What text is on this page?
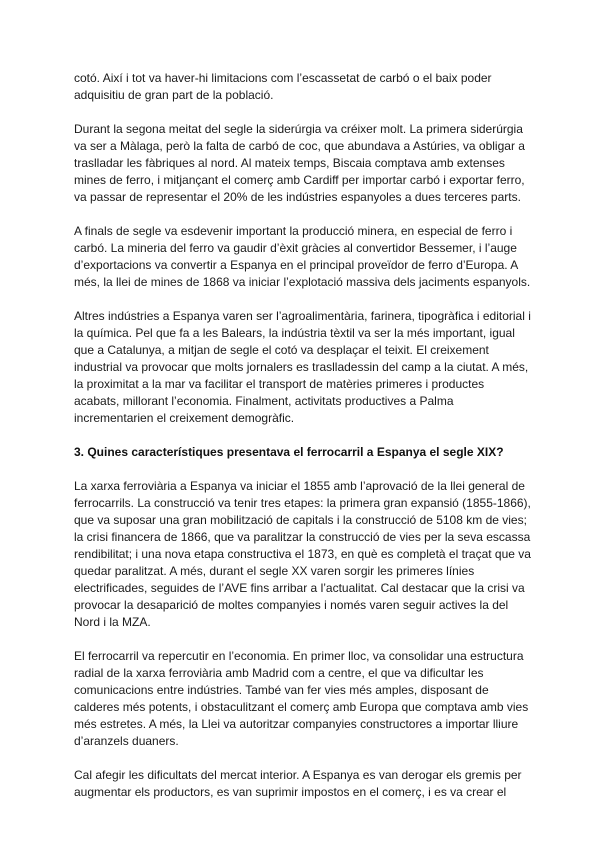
cotó. Així i tot va haver-hi limitacions com l’escassetat de carbó o el baix poder adquisitiu de gran part de la població.

Durant la segona meitat del segle la siderúrgia va créixer molt. La primera siderúrgia va ser a Màlaga, però la falta de carbó de coc, que abundava a Astúries, va obligar a traslladar les fàbriques al nord. Al mateix temps, Biscaia comptava amb extenses mines de ferro, i mitjançant el comerç amb Cardiff per importar carbó i exportar ferro, va passar de representar el 20% de les indústries espanyoles a dues terceres parts.

A finals de segle va esdevenir important la producció minera, en especial de ferro i carbó. La mineria del ferro va gaudir d’èxit gràcies al convertidor Bessemer, i l’auge d’exportacions va convertir a Espanya en el principal proveïdor de ferro d’Europa. A més, la llei de mines de 1868 va iniciar l’explotació massiva dels jaciments espanyols.

Altres indústries a Espanya varen ser l’agroalimentària, farinera, tipogràfica i editorial i la química. Pel que fa a les Balears, la indústria tèxtil va ser la més important, igual que a Catalunya, a mitjan de segle el cotó va desplaçar el teixit. El creixement industrial va provocar que molts jornalers es traslladessin del camp a la ciutat. A més, la proximitat a la mar va facilitar el transport de matèries primeres i productes acabats, millorant l’economia. Finalment, activitats productives a Palma incrementarien el creixement demogràfic.

3. Quines característiques presentava el ferrocarril a Espanya el segle XIX?

La xarxa ferroviària a Espanya va iniciar el 1855 amb l’aprovació de la llei general de ferrocarrils. La construcció va tenir tres etapes: la primera gran expansió (1855-1866), que va suposar una gran mobilització de capitals i la construcció de 5108 km de vies; la crisi financera de 1866, que va paralitzar la construcció de vies per la seva escassa rendibilitat; i una nova etapa constructiva el 1873, en què es completà el traçat que va quedar paralitzat. A més, durant el segle XX varen sorgir les primeres línies electrificades, seguides de l’AVE fins arribar a l’actualitat. Cal destacar que la crisi va provocar la desaparició de moltes companyies i només varen seguir actives la del Nord i la MZA.

El ferrocarril va repercutir en l’economia. En primer lloc, va consolidar una estructura radial de la xarxa ferroviària amb Madrid com a centre, el que va dificultar les comunicacions entre indústries. També van fer vies més amples, disposant de calderes més potents, i obstaculitzant el comerç amb Europa que comptava amb vies més estretes. A més, la Llei va autoritzar companyies constructores a importar lliure d’aranzels duaners.

Cal afegir les dificultats del mercat interior. A Espanya es van derogar els gremis per augmentar els productors, es van suprimir impostos en el comerç, i es va crear el
